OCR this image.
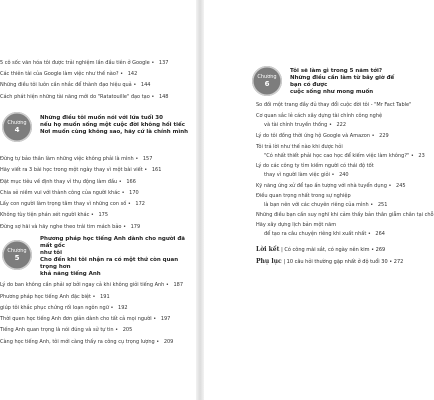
5 cô sốc văn hóa tôi được trải nghiệm lần đầu tiên ở Google • 137
Các thiên tài của Google làm việc như thế nào? • 142
Những điều tôi luôn cần nhắc để thành đạo hiệu quả • 144
Cách phát hiện những tài năng mới do "Ratatouille" đạo tạo • 148
Chương
4
Những điều tôi muốn nói với lứa tuổi 30
nếu họ muốn sống một cuộc đời không hối tiếc
Nơi muốn cùng không sao, hãy cứ là chính mình
Đừng tự bảo thân làm những việc không phải là mình • 157
Hãy viết ra 3 bài học trong một ngày thay vì một bài viết • 161
Đặt mục tiêu về định thay vì thụ động làm đầu • 166
Chia sẻ niềm vui với thành công của người khác • 170
Lấy con người làm trọng tâm thay vì những con số • 172
Không tùy tiện phán xét người khác • 175
Đừng sợ hãi và hãy nghe theo trái tim mách bảo • 179
Chương
5
Phương pháp học tiếng Anh dành cho người đã mất gốc
như tôi
Cho đến khi tôi nhận ra có một thứ còn quan trọng hơn
khả năng tiếng Anh
Lý do ban không cần phải sợ bởi ngay cả khi không giỏi tiếng Anh • 187
Phương pháp học tiếng Anh đặc biệt • 191
giúp tôi khắc phục chứng rối loạn ngôn ngữ • 192
Thời quen học tiếng Anh đơn giản dành cho tất cả mọi người • 197
Tiếng Anh quan trọng là nói đúng và sử tự tin • 205
Càng học tiếng Anh, tôi mới càng thấy ra công cụ trọng lượng • 209
Chương
6
Tôi sẽ làm gì trong 5 năm tới?
Những điều cần làm từ bây giờ để bạn có được
cuộc sống như mong muốn
So đồi một trang đầy đủ thay đổi cuộc đời tôi - "Mr Fact Table"
Cơ quan sắc lẻ cách xây dựng tài chính công nghệ
và tài chính truyền thống • 222
Lý do tôi đồng thời ứng hộ Google và Amazon • 229
Tôi trả lời như thế nào khi được hỏi
"Có nhất thiết phải học cao học để kiếm việc làm không?" • 23
Lý do các công ty tìm kiếm người có thái độ tốt
thay vì người làm việc giỏi • 240
Kỹ năng ứng xử để tạo ấn tượng với nhà tuyển dụng • 245
Điều quan trọng nhất trong sự nghiệp
là bạn nên với các chuyên riêng của mình • 251
Những điều bạn cần suy nghĩ khi cảm thấy bản thân giẫm chân tại chỗ
Hãy xây dựng lịch bản một năm
để tạo ra câu chuyện riêng khi xuất nhất • 264
Lời kết | Có công mài sắt, có ngày nên kim • 269
Phụ lục | 10 câu hỏi thường gặp nhất ở độ tuổi 30 • 272
